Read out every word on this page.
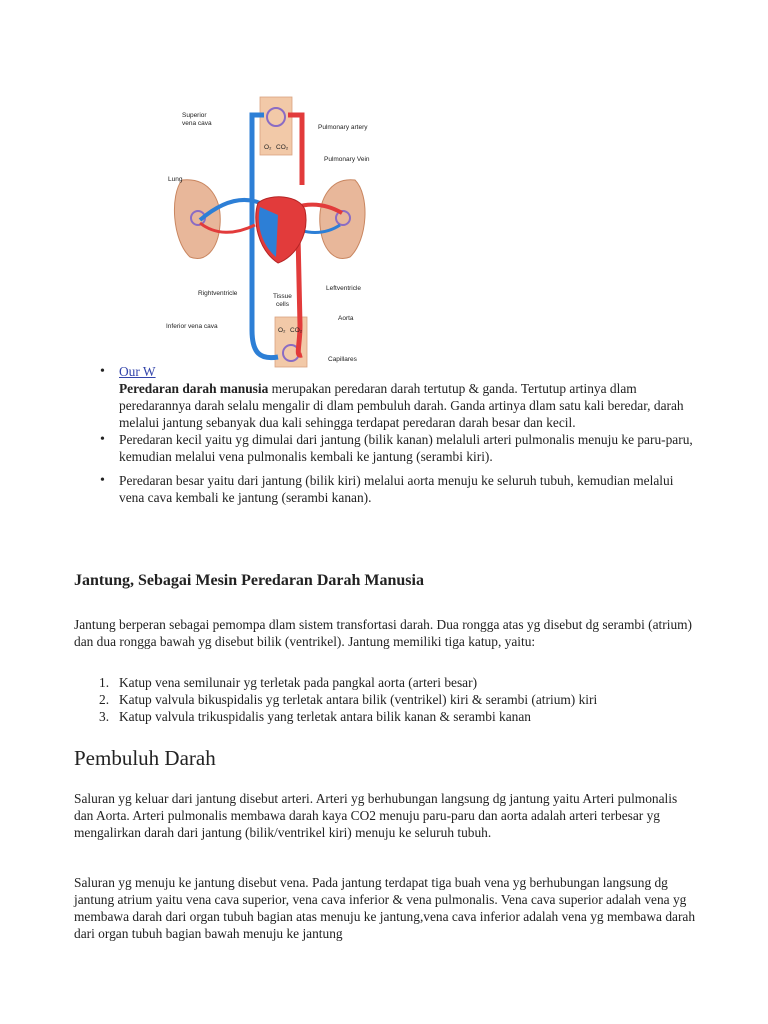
Superior
vena cava
Pulmonary artery
Pulmonary Vein
Lung
Rightventricle	Tissue
cells
Leftventricle
Inferior vena cava
Aorta
Capillares
O₂ CO₂
O₂ CO₂
• Our W
Peredaran darah manusia merupakan peredaran darah tertutup & ganda. Tertutup artinya dlam peredarannya darah selalu mengalir di dlam pembuluh darah. Ganda artinya dlam satu kali beredar, darah melalui jantung sebanyak dua kali sehingga terdapat peredaran darah besar dan kecil.
• Peredaran kecil yaitu yg dimulai dari jantung (bilik kanan) melaluli arteri pulmonalis menuju ke paru-paru, kemudian melalui vena pulmonalis kembali ke jantung (serambi kiri).
• Peredaran besar yaitu dari jantung (bilik kiri) melalui aorta menuju ke seluruh tubuh, kemudian melalui vena cava kembali ke jantung (serambi kanan).
Jantung, Sebagai Mesin Peredaran Darah Manusia

Jantung berperan sebagai pemompa dlam sistem transfortasi darah. Dua rongga atas yg disebut dg serambi (atrium) dan dua rongga bawah yg disebut bilik (ventrikel). Jantung memiliki tiga katup, yaitu:

1. Katup vena semilunair yg terletak pada pangkal aorta (arteri besar)
2. Katup valvula bikuspidalis yg terletak antara bilik (ventrikel) kiri & serambi (atrium) kiri
3. Katup valvula trikuspidalis yang terletak antara bilik kanan & serambi kanan
Pembuluh Darah

Saluran yg keluar dari jantung disebut arteri. Arteri yg berhubungan langsung dg jantung yaitu Arteri pulmonalis dan Aorta. Arteri pulmonalis membawa darah kaya CO2 menuju paru-paru dan aorta adalah arteri terbesar yg mengalirkan darah dari jantung (bilik/ventrikel kiri) menuju ke seluruh tubuh.

Saluran yg menuju ke jantung disebut vena. Pada jantung terdapat tiga buah vena yg berhubungan langsung dg jantung atrium yaitu vena cava superior, vena cava inferior & vena pulmonalis. Vena cava superior adalah vena yg membawa darah dari organ tubuh bagian atas menuju ke jantung,vena cava inferior adalah vena yg membawa darah dari organ tubuh bagian bawah menuju ke jantung
